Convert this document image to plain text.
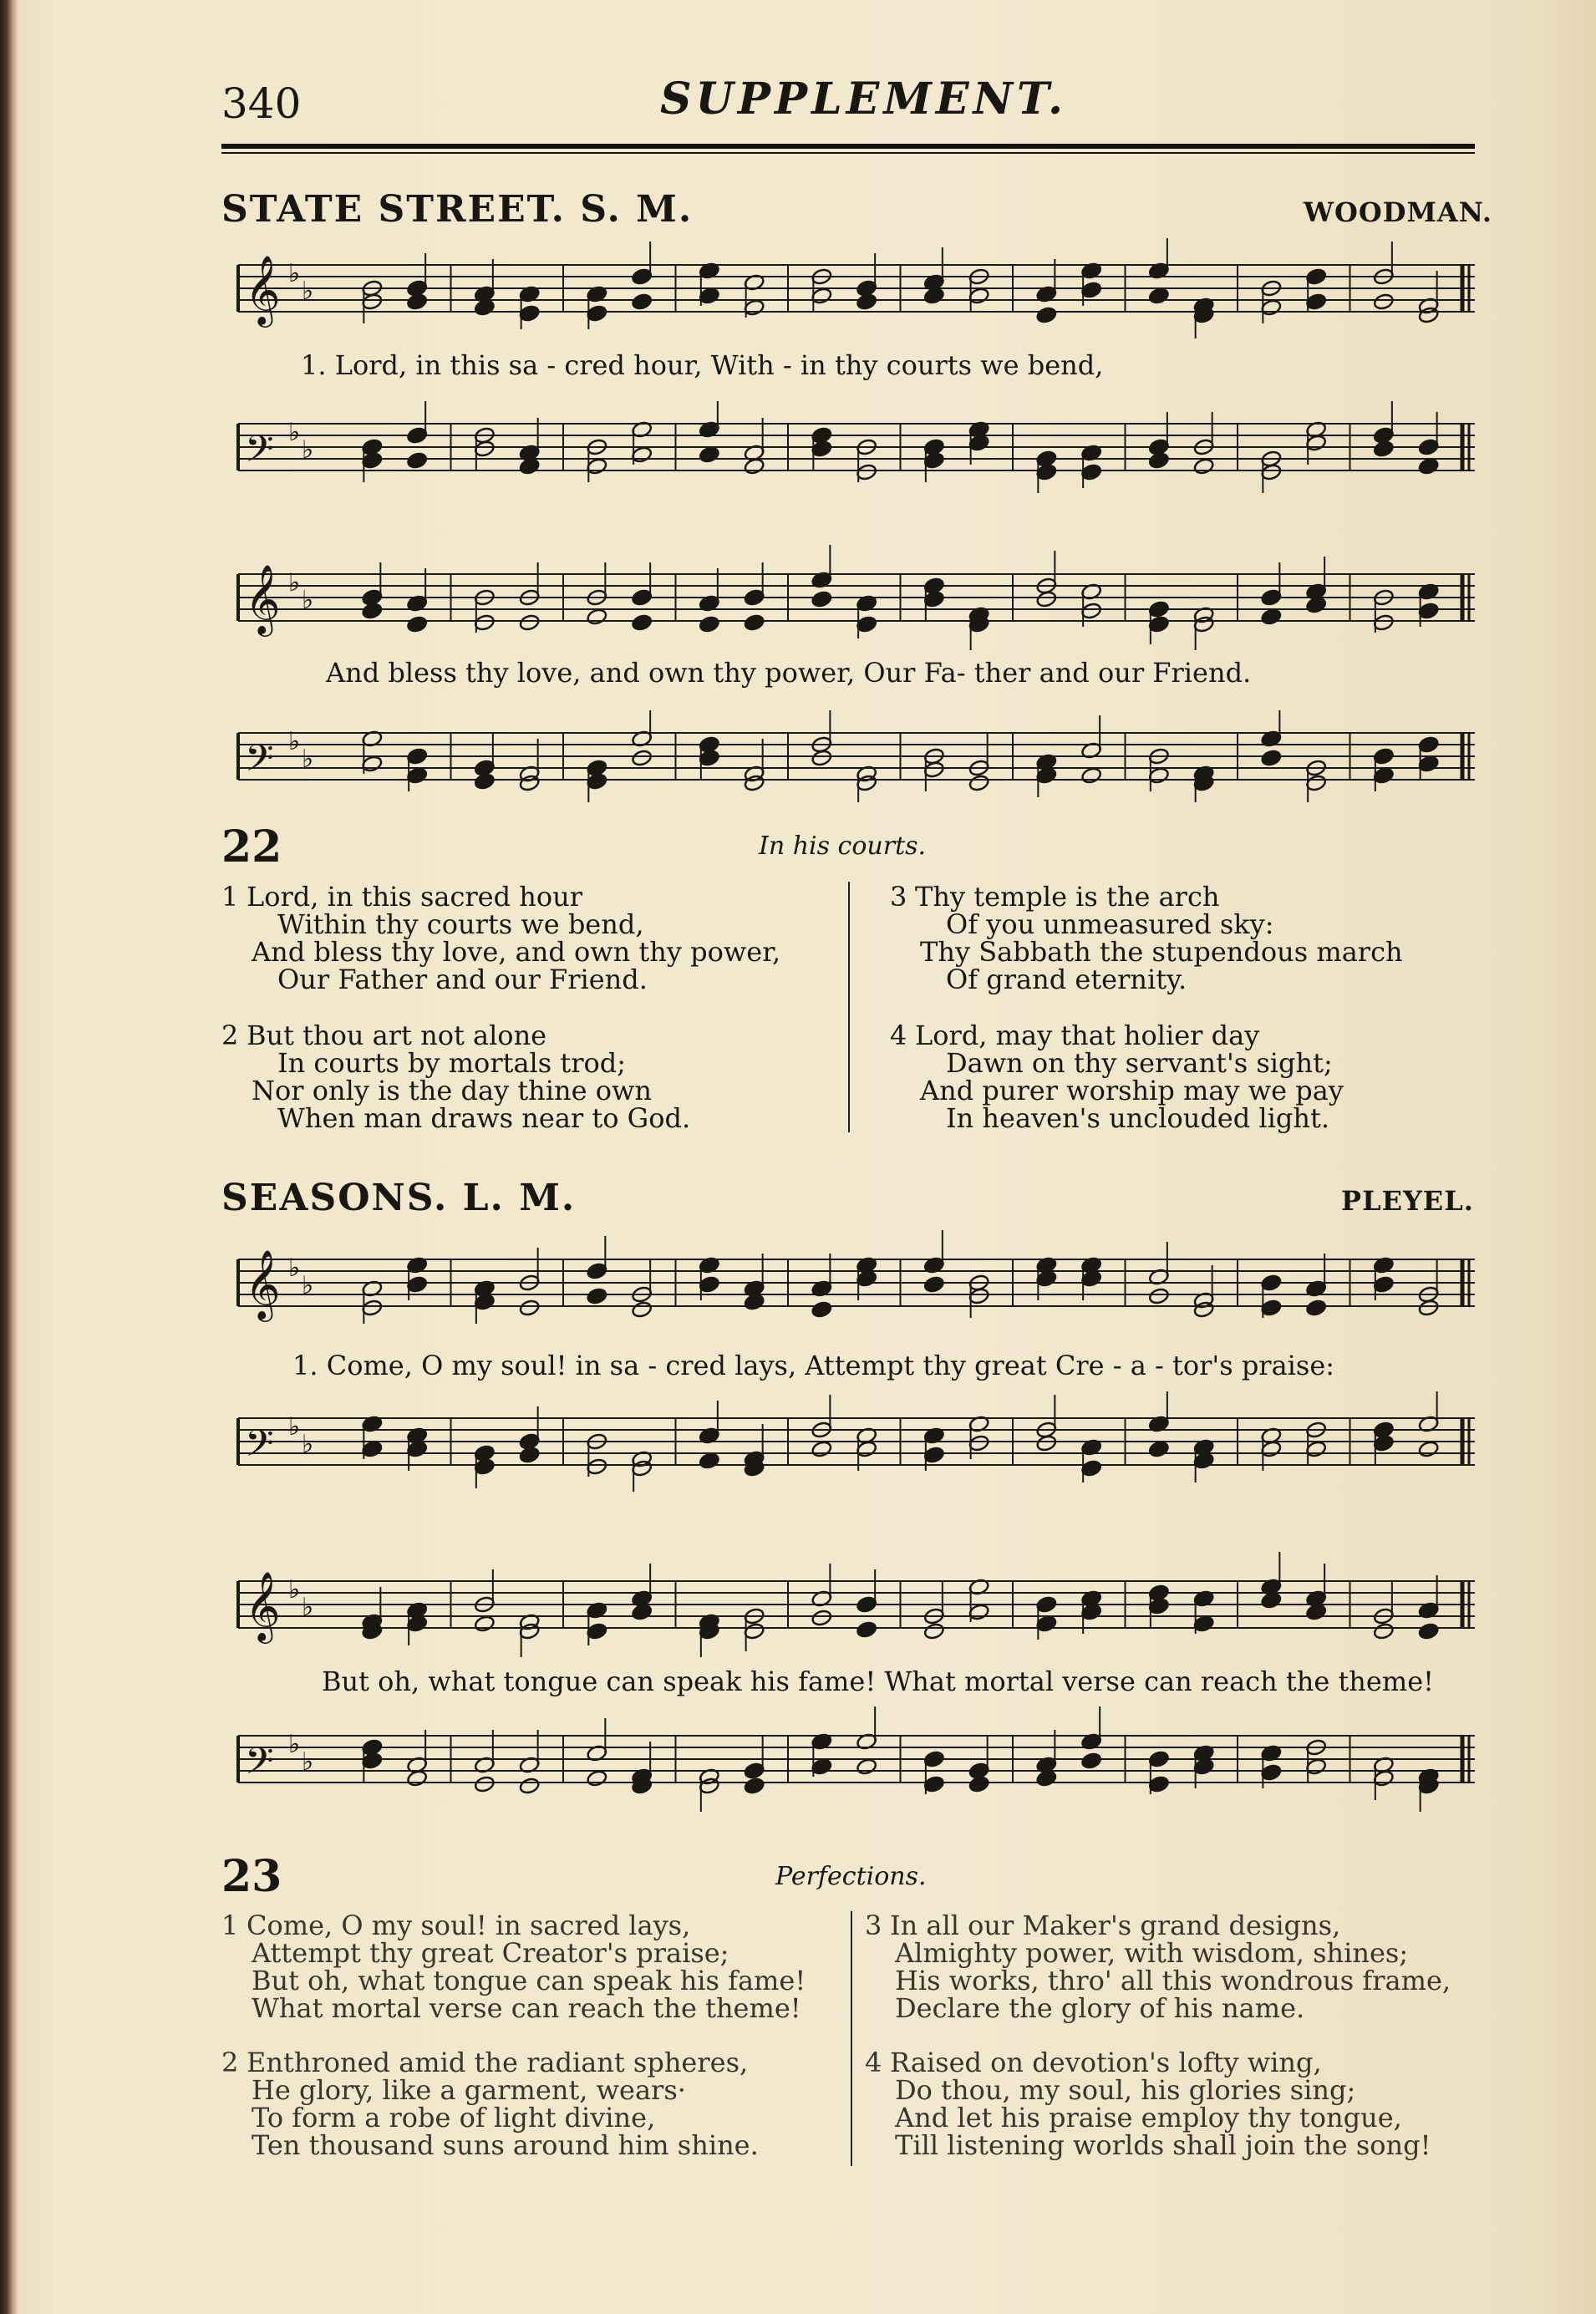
340	SUPPLEMENT.
STATE STREET. S. M.	WOODMAN.
𝄞 ♭
♭
1. Lord, in this sa - cred hour, With - in thy courts we bend,
𝄢 ♭
♭
𝄞 ♭
♭
And bless thy love, and own thy power, Our Fa- ther and our Friend.
𝄢 ♭
♭
22	In his courts.
1 Lord, in this sacred hour
Within thy courts we bend,
And bless thy love, and own thy power,
Our Father and our Friend.
2 But thou art not alone
In courts by mortals trod;
Nor only is the day thine own
When man draws near to God.
3 Thy temple is the arch
Of you unmeasured sky:
Thy Sabbath the stupendous march
Of grand eternity.
4 Lord, may that holier day
Dawn on thy servant's sight;
And purer worship may we pay
In heaven's unclouded light.
SEASONS. L. M.	PLEYEL.
𝄞 ♭
♭
1. Come, O my soul! in sa - cred lays, Attempt thy great Cre - a - tor's praise:
𝄢 ♭
♭
𝄞 ♭
♭
But oh, what tongue can speak his fame! What mortal verse can reach the theme!
𝄢 ♭
♭
23	Perfections.
1 Come, O my soul! in sacred lays,
Attempt thy great Creator's praise;
But oh, what tongue can speak his fame!
What mortal verse can reach the theme!
2 Enthroned amid the radiant spheres,
He glory, like a garment, wears·
To form a robe of light divine,
Ten thousand suns around him shine.
3 In all our Maker's grand designs,
Almighty power, with wisdom, shines;
His works, thro' all this wondrous frame,
Declare the glory of his name.
4 Raised on devotion's lofty wing,
Do thou, my soul, his glories sing;
And let his praise employ thy tongue,
Till listening worlds shall join the song!
